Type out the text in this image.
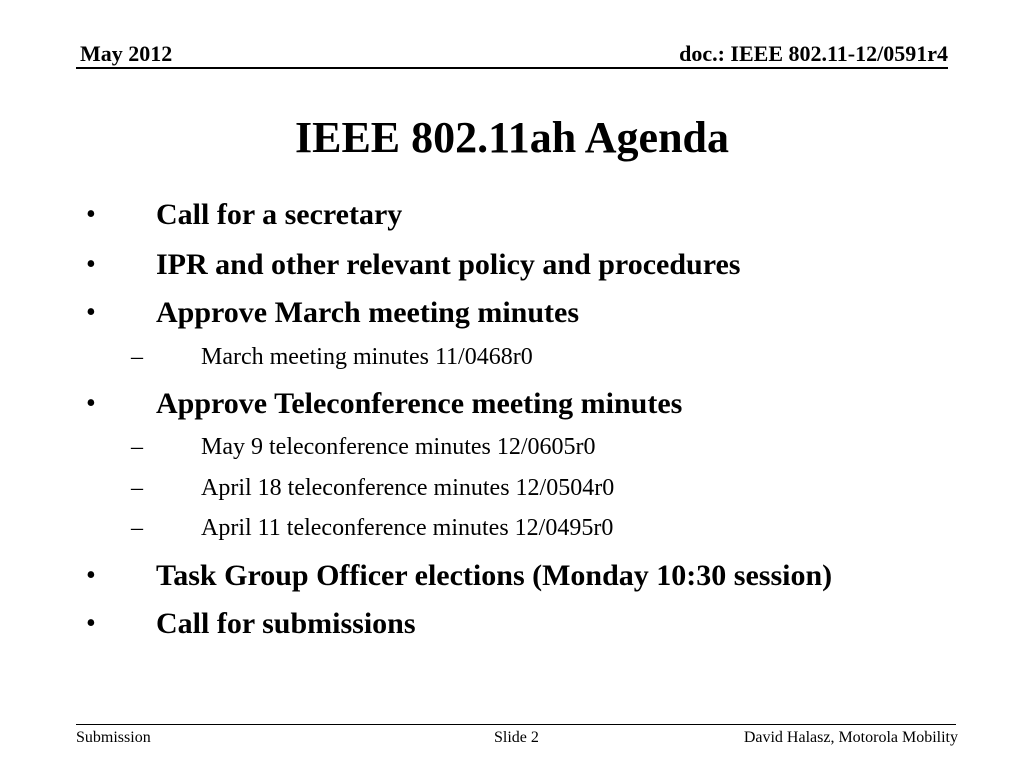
May 2012	doc.: IEEE 802.11-12/0591r4
IEEE 802.11ah Agenda
• Call for a secretary
• IPR and other relevant policy and procedures
• Approve March meeting minutes
– March meeting minutes 11/0468r0
• Approve Teleconference meeting minutes
– May 9 teleconference minutes 12/0605r0
– April 18 teleconference minutes 12/0504r0
– April 11 teleconference minutes 12/0495r0
• Task Group Officer elections (Monday 10:30 session)
• Call for submissions
Submission	Slide 2	David Halasz, Motorola Mobility
